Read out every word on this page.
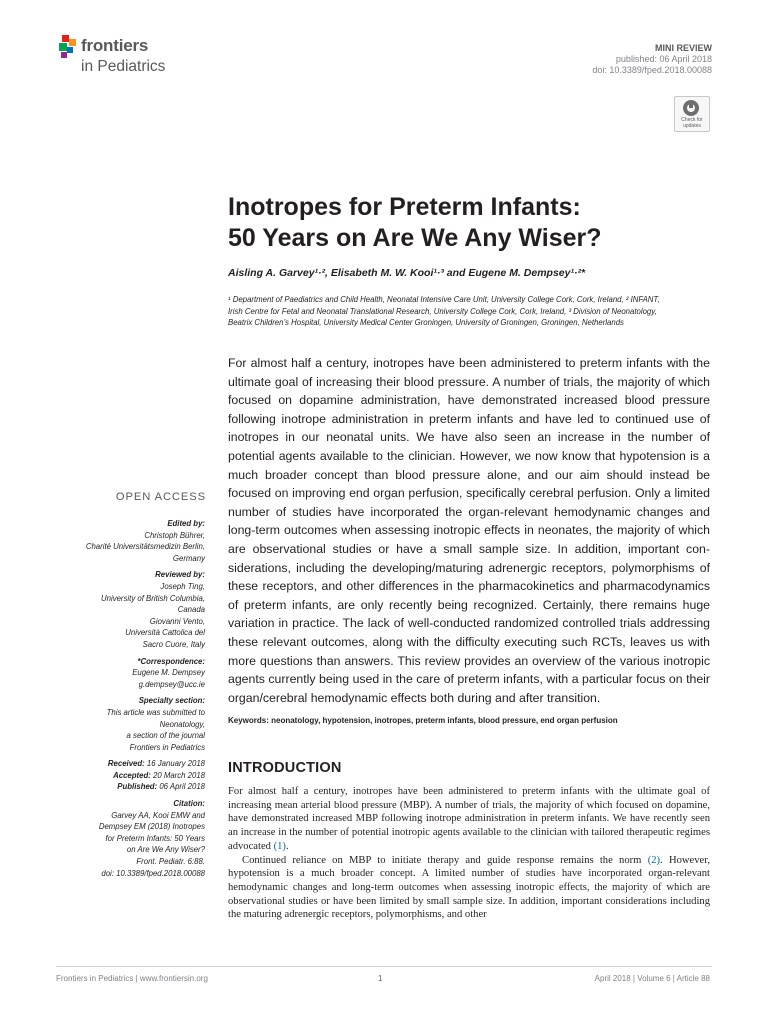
frontiers
in Pediatrics
MINI REVIEW
published: 06 April 2018
doi: 10.3389/fped.2018.00088
Check for
updates
Inotropes for Preterm Infants:
50 Years on Are We Any Wiser?
Aisling A. Garvey¹·², Elisabeth M. W. Kooi¹·³ and Eugene M. Dempsey¹·²*
¹ Department of Paediatrics and Child Health, Neonatal Intensive Care Unit, University College Cork, Cork, Ireland, ² INFANT,
Irish Centre for Fetal and Neonatal Translational Research, University College Cork, Cork, Ireland, ³ Division of Neonatology,
Beatrix Children’s Hospital, University Medical Center Groningen, University of Groningen, Groningen, Netherlands
For almost half a century, inotropes have been administered to preterm infants with the ultimate goal of increasing their blood pressure. A number of trials, the majority of which focused on dopamine administration, have demonstrated increased blood pressure following inotrope administration in preterm infants and have led to continued use of inotropes in our neonatal units. We have also seen an increase in the number of potential agents available to the clinician. However, we now know that hypotension is a much broader concept than blood pressure alone, and our aim should instead be focused on improving end organ perfusion, specifically cerebral perfusion. Only a limited number of studies have incorporated the organ-relevant hemodynamic changes and long-term outcomes when assessing inotropic effects in neonates, the majority of which are observational studies or have a small sample size. In addition, important considerations, including the developing/maturing adrenergic receptors, polymorphisms of these receptors, and other differences in the pharmacokinetics and pharmacodynamics of preterm infants, are only recently being recognized. Certainly, there remains huge variation in practice. The lack of well-conducted randomized controlled trials addressing these relevant outcomes, along with the difficulty executing such RCTs, leaves us with more questions than answers. This review provides an overview of the various inotropic agents currently being used in the care of preterm infants, with a particular focus on their organ/cerebral hemodynamic effects both during and after transition.
Keywords: neonatology, hypotension, inotropes, preterm infants, blood pressure, end organ perfusion
INTRODUCTION

For almost half a century, inotropes have been administered to preterm infants with the ultimate goal of increasing mean arterial blood pressure (MBP). A number of trials, the majority of which focused on dopamine, have demonstrated increased MBP following inotrope administration in preterm infants. We have recently seen an increase in the number of potential inotropic agents available to the clinician with tailored therapeutic regimes advocated (1).

Continued reliance on MBP to initiate therapy and guide response remains the norm (2). However, hypotension is a much broader concept. A limited number of studies have incorporated organ-relevant hemodynamic changes and long-term outcomes when assessing inotropic effects, the majority of which are observational studies or have been limited by small sample size. In addition, important considerations including the maturing adrenergic receptors, polymorphisms, and other

OPEN ACCESS
Edited by:
Christoph Bührer,
Charité Universitätsmedizin Berlin,
Germany
Reviewed by:
Joseph Ting,
University of British Columbia,
Canada
Giovanni Vento,
Università Cattolica del
Sacro Cuore, Italy
*Correspondence:
Eugene M. Dempsey
g.dempsey@ucc.ie
Specialty section:
This article was submitted to
Neonatology,
a section of the journal
Frontiers in Pediatrics
Received: 16 January 2018
Accepted: 20 March 2018
Published: 06 April 2018
Citation:
Garvey AA, Kooi EMW and
Dempsey EM (2018) Inotropes
for Preterm Infants: 50 Years
on Are We Any Wiser?
Front. Pediatr. 6:88.
doi: 10.3389/fped.2018.00088
Frontiers in Pediatrics | www.frontiersin.org	1	April 2018 | Volume 6 | Article 88
